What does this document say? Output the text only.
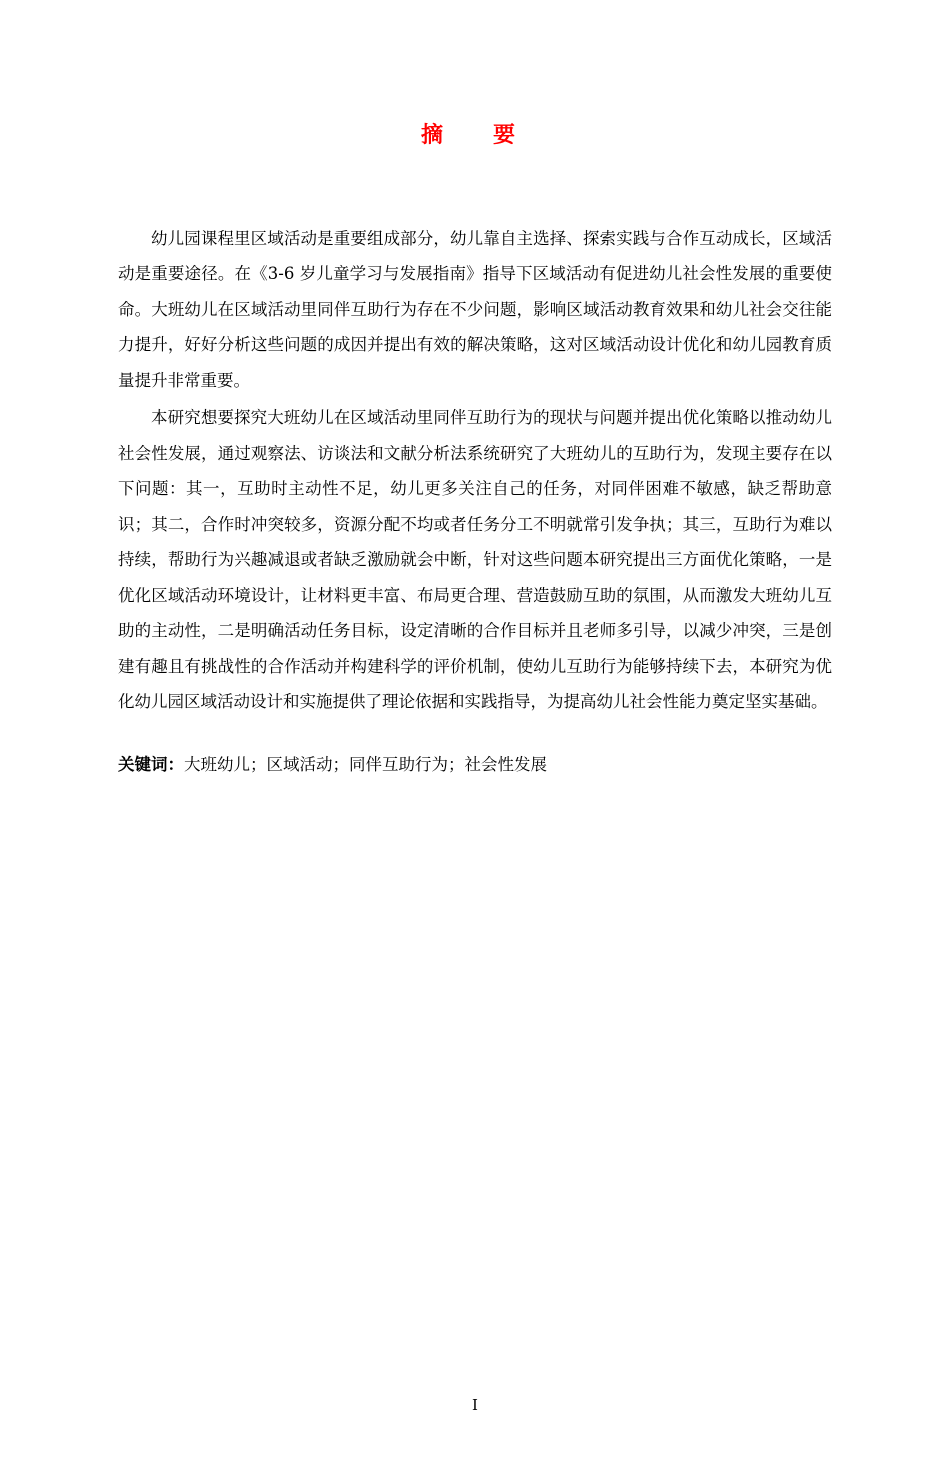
摘　要

幼儿园课程里区域活动是重要组成部分，幼儿靠自主选择、探索实践与合作互动成长，区域活动是重要途径。在《3-6 岁儿童学习与发展指南》指导下区域活动有促进幼儿社会性发展的重要使命。大班幼儿在区域活动里同伴互助行为存在不少问题，影响区域活动教育效果和幼儿社会交往能力提升，好好分析这些问题的成因并提出有效的解决策略，这对区域活动设计优化和幼儿园教育质量提升非常重要。

本研究想要探究大班幼儿在区域活动里同伴互助行为的现状与问题并提出优化策略以推动幼儿社会性发展，通过观察法、访谈法和文献分析法系统研究了大班幼儿的互助行为，发现主要存在以下问题：其一，互助时主动性不足，幼儿更多关注自己的任务，对同伴困难不敏感，缺乏帮助意识；其二，合作时冲突较多，资源分配不均或者任务分工不明就常引发争执；其三，互助行为难以持续，帮助行为兴趣减退或者缺乏激励就会中断，针对这些问题本研究提出三方面优化策略，一是优化区域活动环境设计，让材料更丰富、布局更合理、营造鼓励互助的氛围，从而激发大班幼儿互助的主动性，二是明确活动任务目标，设定清晰的合作目标并且老师多引导，以减少冲突，三是创建有趣且有挑战性的合作活动并构建科学的评价机制，使幼儿互助行为能够持续下去，本研究为优化幼儿园区域活动设计和实施提供了理论依据和实践指导，为提高幼儿社会性能力奠定坚实基础。

关键词：大班幼儿；区域活动；同伴互助行为；社会性发展
I
